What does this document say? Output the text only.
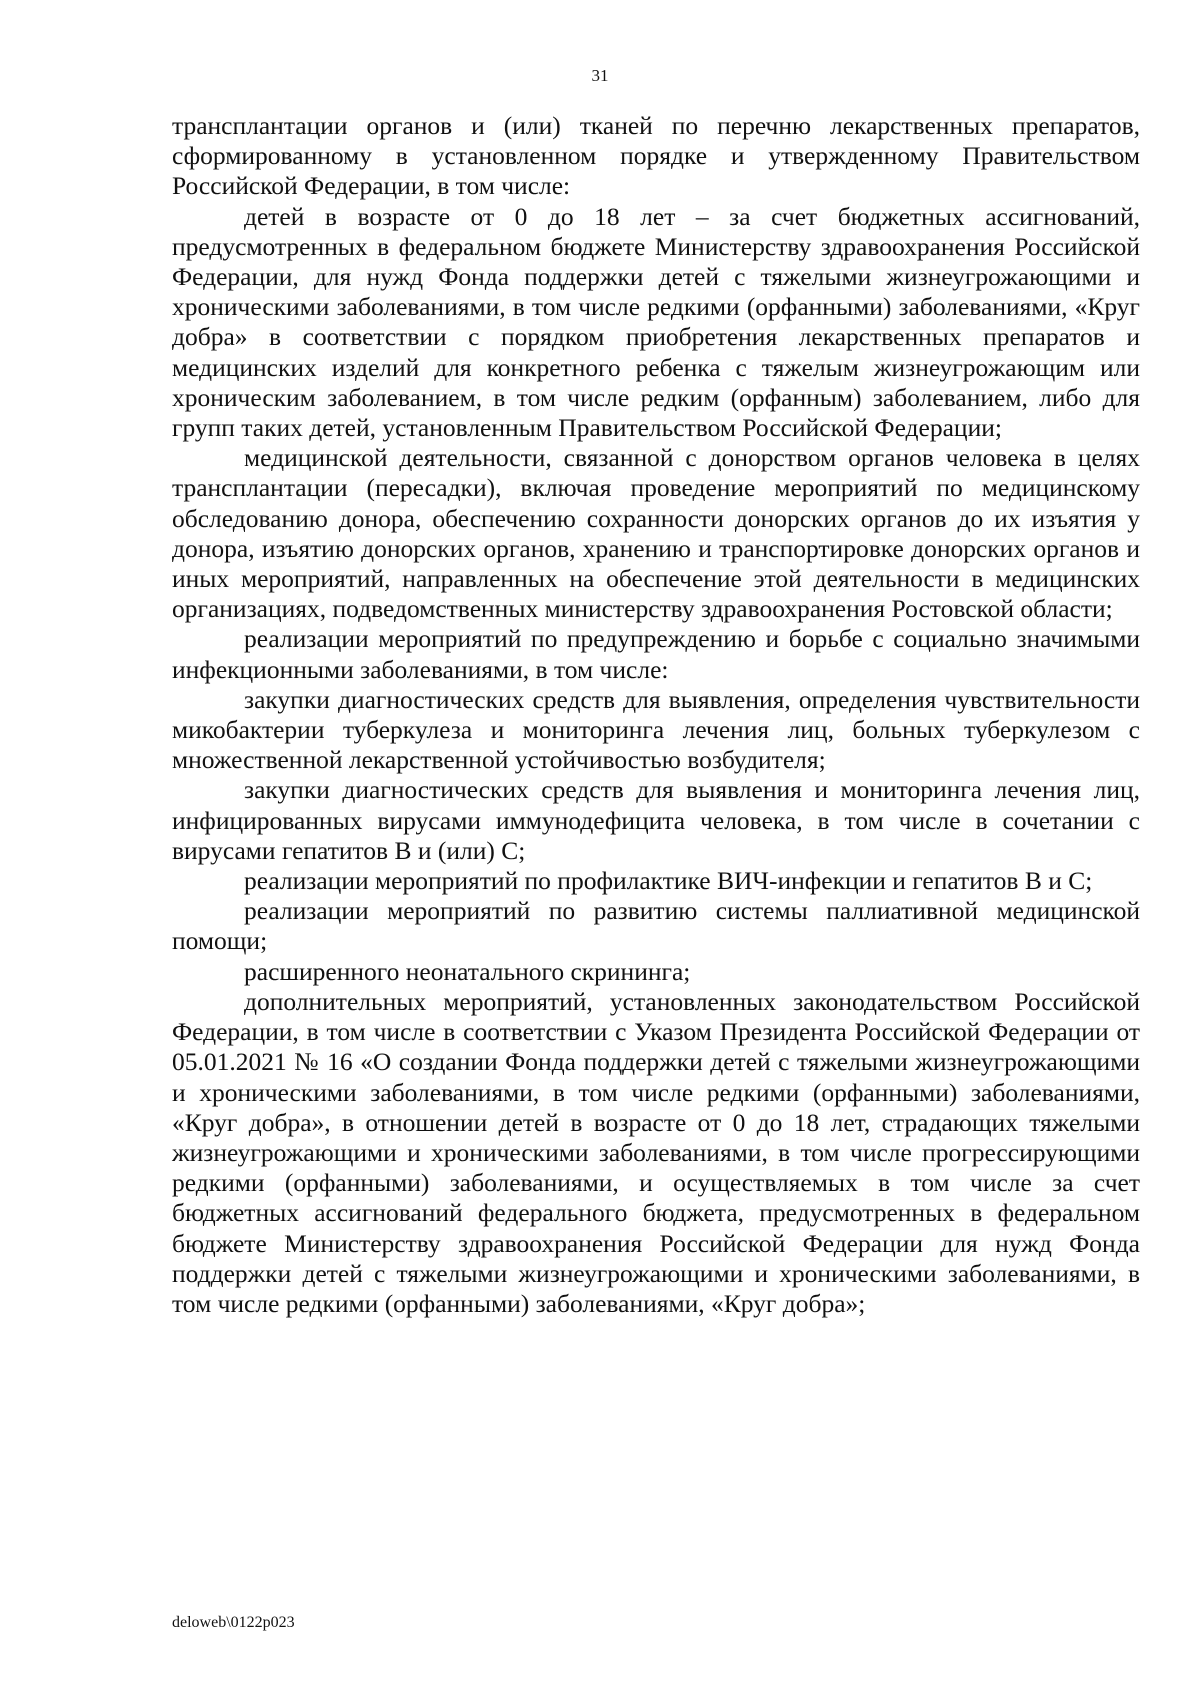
31

трансплантации органов и (или) тканей по перечню лекарственных препаратов, сформированному в установленном порядке и утвержденному Правительством Российской Федерации, в том числе:

детей в возрасте от 0 до 18 лет – за счет бюджетных ассигнований, предусмотренных в федеральном бюджете Министерству здравоохранения Российской Федерации, для нужд Фонда поддержки детей с тяжелыми жизнеугрожающими и хроническими заболеваниями, в том числе редкими (орфанными) заболеваниями, «Круг добра» в соответствии с порядком приобретения лекарственных препаратов и медицинских изделий для конкретного ребенка с тяжелым жизнеугрожающим или хроническим заболеванием, в том числе редким (орфанным) заболеванием, либо для групп таких детей, установленным Правительством Российской Федерации;

медицинской деятельности, связанной с донорством органов человека в целях трансплантации (пересадки), включая проведение мероприятий по медицинскому обследованию донора, обеспечению сохранности донорских органов до их изъятия у донора, изъятию донорских органов, хранению и транспортировке донорских органов и иных мероприятий, направленных на обеспечение этой деятельности в медицинских организациях, подведомственных министерству здравоохранения Ростовской области;

реализации мероприятий по предупреждению и борьбе с социально значимыми инфекционными заболеваниями, в том числе:

закупки диагностических средств для выявления, определения чувствительности микобактерии туберкулеза и мониторинга лечения лиц, больных туберкулезом с множественной лекарственной устойчивостью возбудителя;

закупки диагностических средств для выявления и мониторинга лечения лиц, инфицированных вирусами иммунодефицита человека, в том числе в сочетании с вирусами гепатитов B и (или) C;

реализации мероприятий по профилактике ВИЧ-инфекции и гепатитов B и C;

реализации мероприятий по развитию системы паллиативной медицинской помощи;

расширенного неонатального скрининга;

дополнительных мероприятий, установленных законодательством Российской Федерации, в том числе в соответствии с Указом Президента Российской Федерации от 05.01.2021 № 16 «О создании Фонда поддержки детей с тяжелыми жизнеугрожающими и хроническими заболеваниями, в том числе редкими (орфанными) заболеваниями, «Круг добра», в отношении детей в возрасте от 0 до 18 лет, страдающих тяжелыми жизнеугрожающими и хроническими заболеваниями, в том числе прогрессирующими редкими (орфанными) заболеваниями, и осуществляемых в том числе за счет бюджетных ассигнований федерального бюджета, предусмотренных в федеральном бюджете Министерству здравоохранения Российской Федерации для нужд Фонда поддержки детей с тяжелыми жизнеугрожающими и хроническими заболеваниями, в том числе редкими (орфанными) заболеваниями, «Круг добра»;

deloweb\0122p023
